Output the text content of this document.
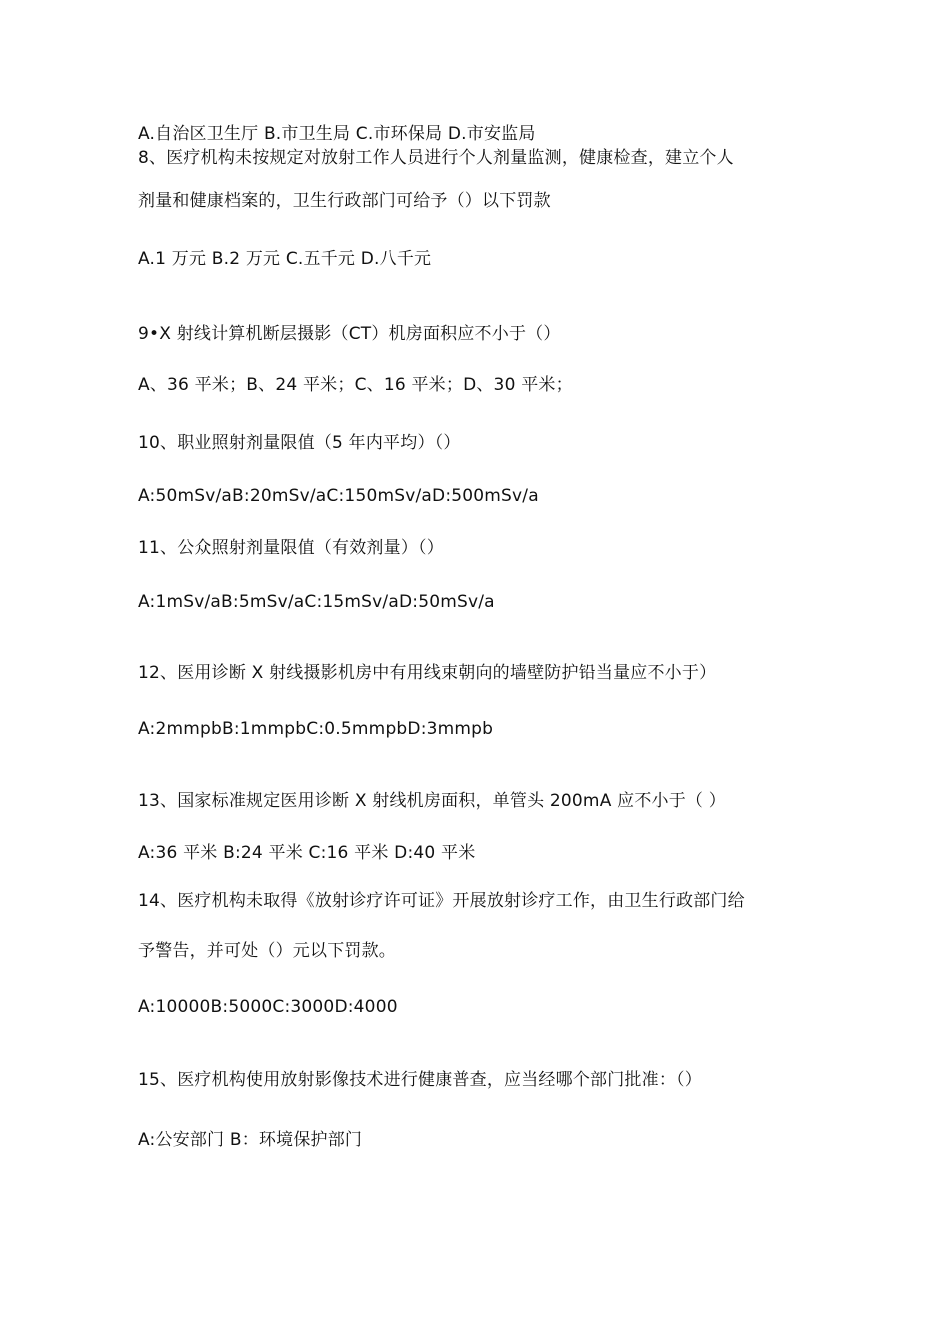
A.自治区卫生厅 B.市卫生局 C.市环保局 D.市安监局
8、医疗机构未按规定对放射工作人员进行个人剂量监测，健康检查，建立个人
剂量和健康档案的，卫生行政部门可给予（）以下罚款
A.1 万元 B.2 万元 C.五千元 D.八千元
9•X 射线计算机断层摄影（CT）机房面积应不小于（）
A、36 平米；B、24 平米；C、16 平米；D、30 平米；
10、职业照射剂量限值（5 年内平均）（）
A:50mSv/aB:20mSv/aC:150mSv/aD:500mSv/a
11、公众照射剂量限值（有效剂量）（）
A:1mSv/aB:5mSv/aC:15mSv/aD:50mSv/a
12、医用诊断 X 射线摄影机房中有用线束朝向的墙壁防护铅当量应不小于）
A:2mmpbB:1mmpbC:0.5mmpbD:3mmpb
13、国家标准规定医用诊断 X 射线机房面积，单管头 200mA 应不小于（ ）
A:36 平米 B:24 平米 C:16 平米 D:40 平米
14、医疗机构未取得《放射诊疗许可证》开展放射诊疗工作，由卫生行政部门给
予警告，并可处（）元以下罚款。
A:10000B:5000C:3000D:4000
15、医疗机构使用放射影像技术进行健康普查，应当经哪个部门批准：（）
A:公安部门 B：环境保护部门
